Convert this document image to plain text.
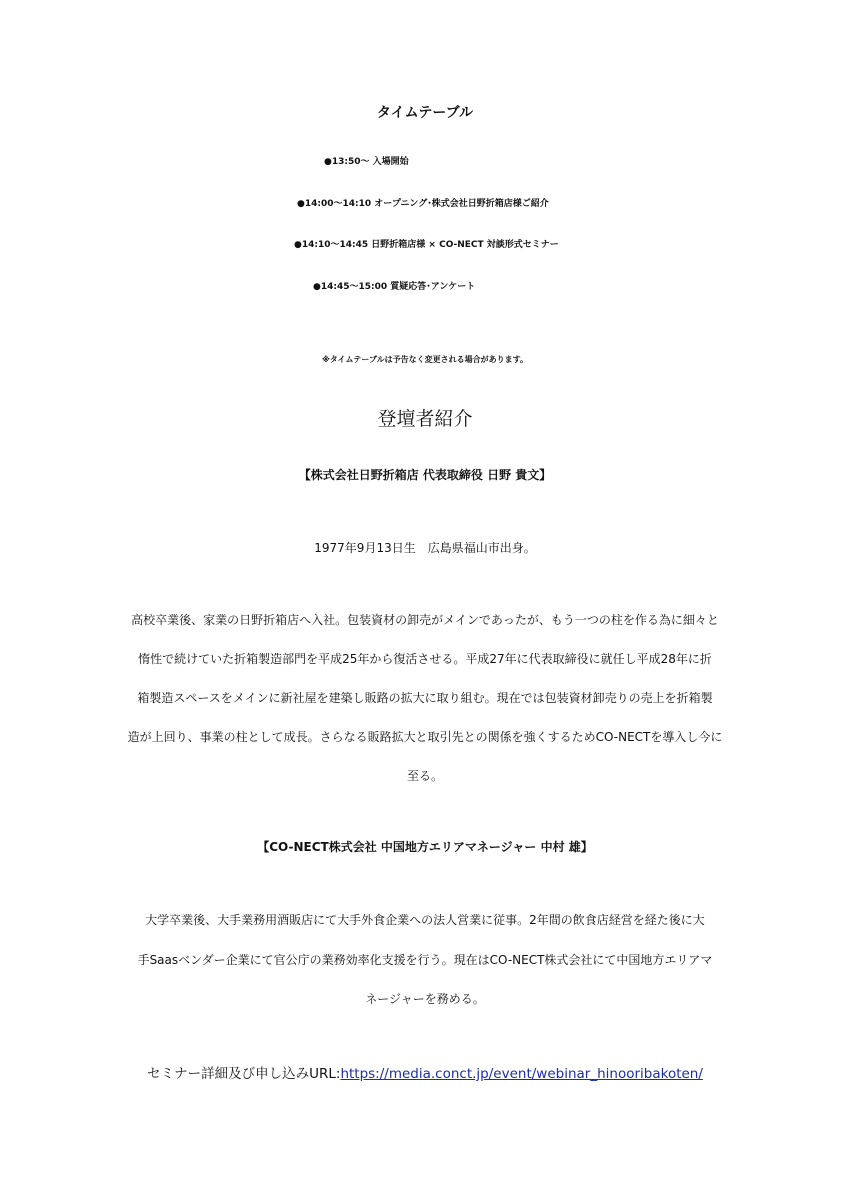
タイムテーブル
●13:50～ 入場開始
●14:00～14:10 オープニング･株式会社日野折箱店様ご紹介
●14:10～14:45 日野折箱店様 × CO-NECT 対談形式セミナー
●14:45～15:00 質疑応答･アンケート
※タイムテーブルは予告なく変更される場合があります。
登壇者紹介
【株式会社日野折箱店 代表取締役 日野 貴文】
1977年9月13日生　広島県福山市出身。
高校卒業後、家業の日野折箱店へ入社。包装資材の卸売がメインであったが、もう一つの柱を作る為に細々と
惰性で続けていた折箱製造部門を平成25年から復活させる。平成27年に代表取締役に就任し平成28年に折
箱製造スペースをメインに新社屋を建築し販路の拡大に取り組む。現在では包装資材卸売りの売上を折箱製
造が上回り、事業の柱として成長。さらなる販路拡大と取引先との関係を強くするためCO-NECTを導入し今に
至る。
【CO-NECT株式会社 中国地方エリアマネージャー 中村 雄】
大学卒業後、大手業務用酒販店にて大手外食企業への法人営業に従事。2年間の飲食店経営を経た後に大
手Saasベンダー企業にて官公庁の業務効率化支援を行う。現在はCO-NECT株式会社にて中国地方エリアマ
ネージャーを務める。
セミナー詳細及び申し込みURL:https://media.conct.jp/event/webinar_hinooribakoten/
